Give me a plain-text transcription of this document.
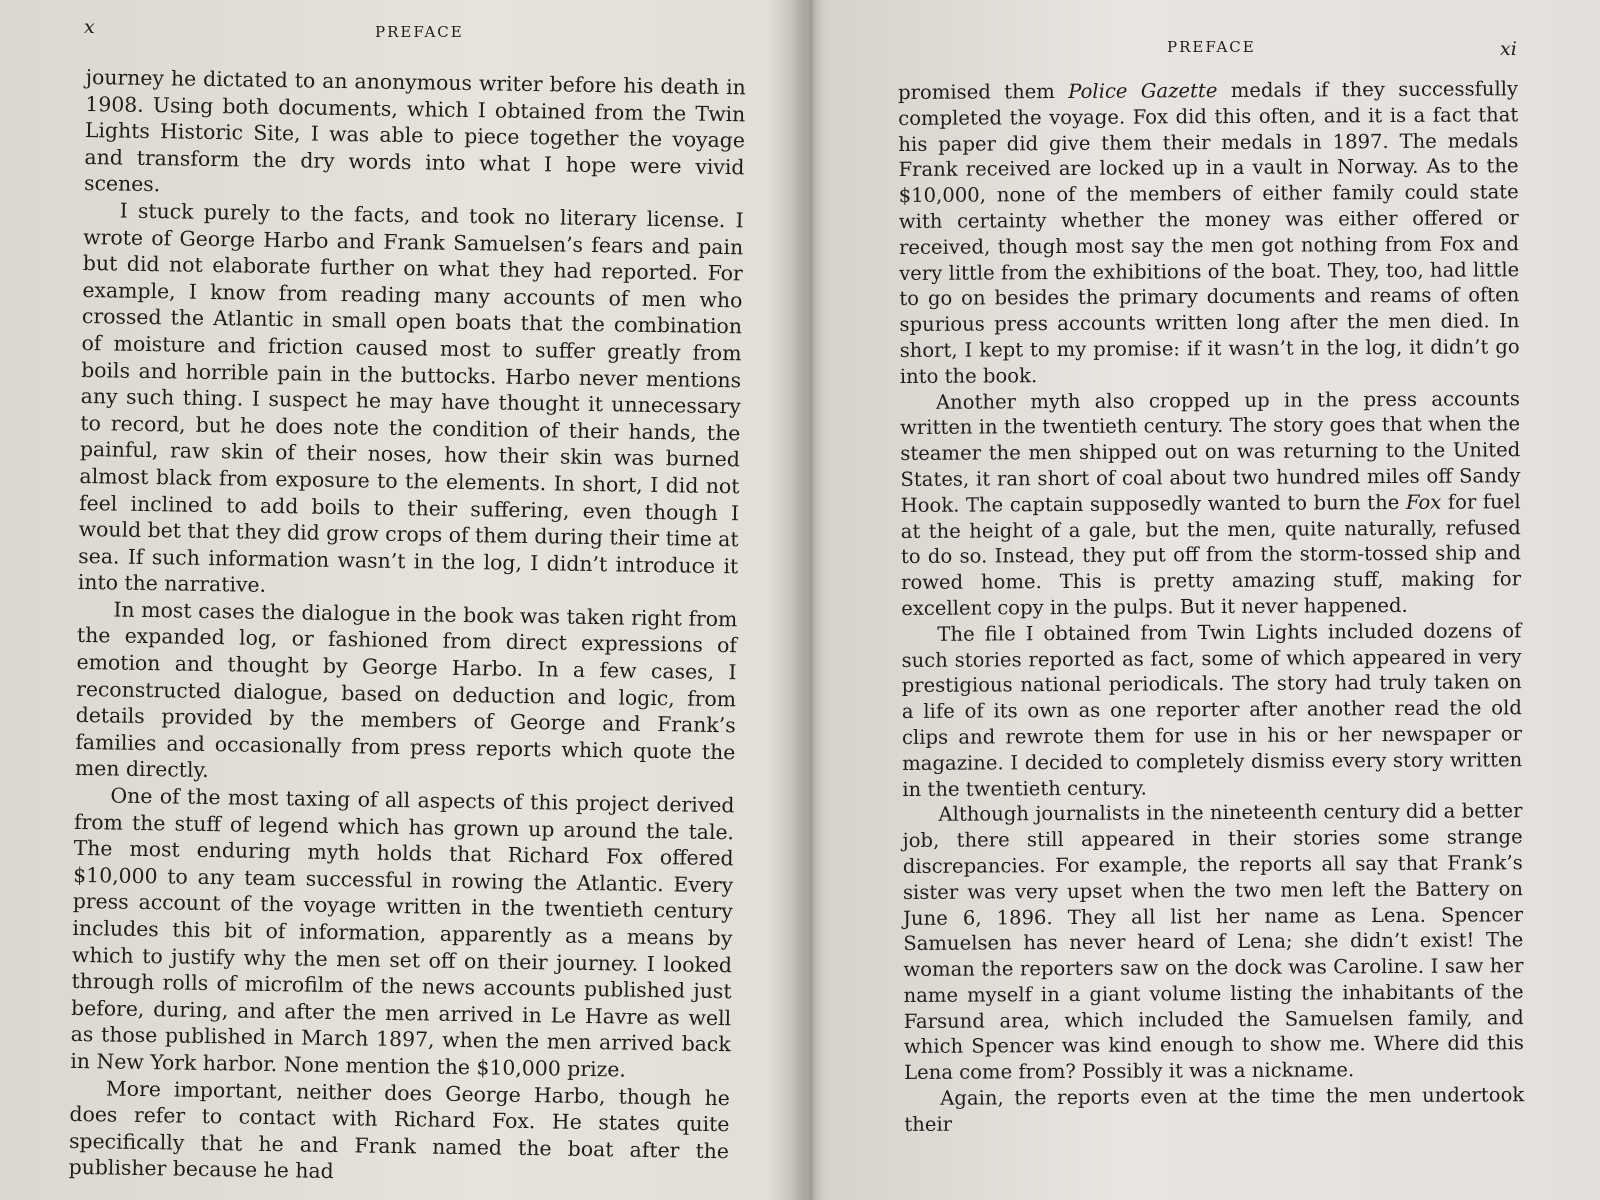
x	PREFACE

journey he dictated to an anonymous writer before his death in 1908. Using both documents, which I obtained from the Twin Lights Historic Site, I was able to piece together the voyage and transform the dry words into what I hope were vivid scenes.

I stuck purely to the facts, and took no literary license. I wrote of George Harbo and Frank Samuelsen’s fears and pain but did not elaborate further on what they had reported. For example, I know from reading many accounts of men who crossed the Atlantic in small open boats that the combination of moisture and friction caused most to suffer greatly from boils and horrible pain in the buttocks. Harbo never mentions any such thing. I suspect he may have thought it unnecessary to record, but he does note the condition of their hands, the painful, raw skin of their noses, how their skin was burned almost black from exposure to the elements. In short, I did not feel inclined to add boils to their suffering, even though I would bet that they did grow crops of them during their time at sea. If such information wasn’t in the log, I didn’t introduce it into the narrative.

In most cases the dialogue in the book was taken right from the expanded log, or fashioned from direct expressions of emotion and thought by George Harbo. In a few cases, I reconstructed dialogue, based on deduction and logic, from details provided by the members of George and Frank’s families and occasionally from press reports which quote the men directly.

One of the most taxing of all aspects of this project derived from the stuff of legend which has grown up around the tale. The most enduring myth holds that Richard Fox offered $10,000 to any team successful in rowing the Atlantic. Every press account of the voyage written in the twentieth century includes this bit of information, apparently as a means by which to justify why the men set off on their journey. I looked through rolls of microfilm of the news accounts published just before, during, and after the men arrived in Le Havre as well as those published in March 1897, when the men arrived back in New York harbor. None mention the $10,000 prize.

More important, neither does George Harbo, though he does refer to contact with Richard Fox. He states quite specifically that he and Frank named the boat after the publisher because he had

PREFACE	xi

promised them Police Gazette medals if they successfully completed the voyage. Fox did this often, and it is a fact that his paper did give them their medals in 1897. The medals Frank received are locked up in a vault in Norway. As to the $10,000, none of the members of either family could state with certainty whether the money was either offered or received, though most say the men got nothing from Fox and very little from the exhibitions of the boat. They, too, had little to go on besides the primary documents and reams of often spurious press accounts written long after the men died. In short, I kept to my promise: if it wasn’t in the log, it didn’t go into the book.

Another myth also cropped up in the press accounts written in the twentieth century. The story goes that when the steamer the men shipped out on was returning to the United States, it ran short of coal about two hundred miles off Sandy Hook. The captain supposedly wanted to burn the Fox for fuel at the height of a gale, but the men, quite naturally, refused to do so. Instead, they put off from the storm-tossed ship and rowed home. This is pretty amazing stuff, making for excellent copy in the pulps. But it never happened.

The file I obtained from Twin Lights included dozens of such stories reported as fact, some of which appeared in very prestigious national periodicals. The story had truly taken on a life of its own as one reporter after another read the old clips and rewrote them for use in his or her newspaper or magazine. I decided to completely dismiss every story written in the twentieth century.

Although journalists in the nineteenth century did a better job, there still appeared in their stories some strange discrepancies. For example, the reports all say that Frank’s sister was very upset when the two men left the Battery on June 6, 1896. They all list her name as Lena. Spencer Samuelsen has never heard of Lena; she didn’t exist! The woman the reporters saw on the dock was Caroline. I saw her name myself in a giant volume listing the inhabitants of the Farsund area, which included the Samuelsen family, and which Spencer was kind enough to show me. Where did this Lena come from? Possibly it was a nickname.

Again, the reports even at the time the men undertook their
